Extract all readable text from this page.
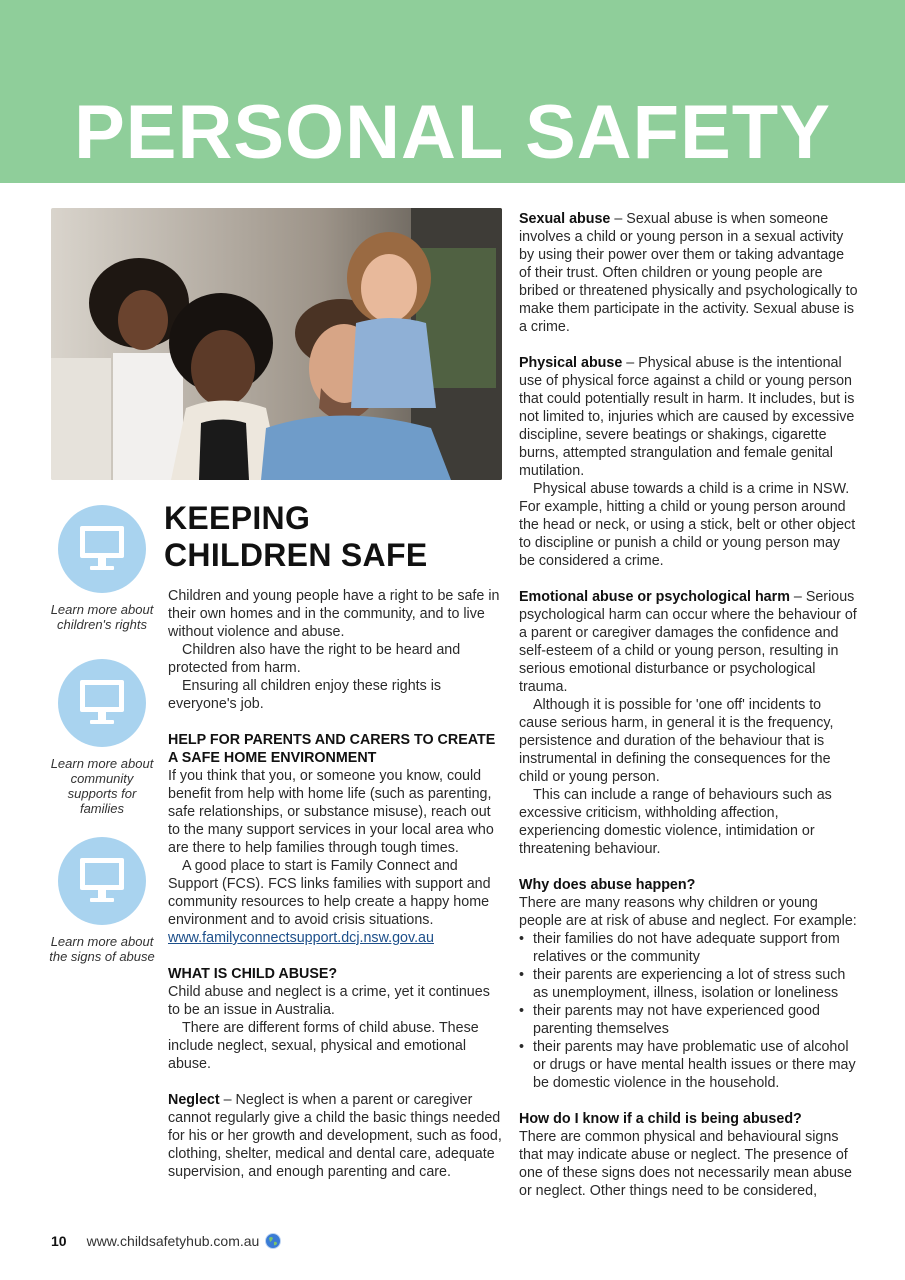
PERSONAL SAFETY
Learn more about children's rights
Learn more about community supports for families
Learn more about the signs of abuse
KEEPING
CHILDREN SAFE

Children and young people have a right to be safe in their own homes and in the community, and to live without violence and abuse.

Children also have the right to be heard and protected from harm.

Ensuring all children enjoy these rights is everyone's job.

HELP FOR PARENTS AND CARERS TO CREATE A SAFE HOME ENVIRONMENT

If you think that you, or someone you know, could benefit from help with home life (such as parenting, safe relationships, or substance misuse), reach out to the many support services in your local area who are there to help families through tough times.

A good place to start is Family Connect and Support (FCS). FCS links families with support and community resources to help create a happy home environment and to avoid crisis situations.

www.familyconnectsupport.dcj.nsw.gov.au

WHAT IS CHILD ABUSE?

Child abuse and neglect is a crime, yet it continues to be an issue in Australia.

There are different forms of child abuse. These include neglect, sexual, physical and emotional abuse.

Neglect – Neglect is when a parent or caregiver cannot regularly give a child the basic things needed for his or her growth and development, such as food, clothing, shelter, medical and dental care, adequate supervision, and enough parenting and care.

Sexual abuse – Sexual abuse is when someone involves a child or young person in a sexual activity by using their power over them or taking advantage of their trust. Often children or young people are bribed or threatened physically and psychologically to make them participate in the activity. Sexual abuse is a crime.

Physical abuse – Physical abuse is the intentional use of physical force against a child or young person that could potentially result in harm. It includes, but is not limited to, injuries which are caused by excessive discipline, severe beatings or shakings, cigarette burns, attempted strangulation and female genital mutilation.

Physical abuse towards a child is a crime in NSW. For example, hitting a child or young person around the head or neck, or using a stick, belt or other object to discipline or punish a child or young person may be considered a crime.

Emotional abuse or psychological harm – Serious psychological harm can occur where the behaviour of a parent or caregiver damages the confidence and self-esteem of a child or young person, resulting in serious emotional disturbance or psychological trauma.

Although it is possible for 'one off' incidents to cause serious harm, in general it is the frequency, persistence and duration of the behaviour that is instrumental in defining the consequences for the child or young person.

This can include a range of behaviours such as excessive criticism, withholding affection, experiencing domestic violence, intimidation or threatening behaviour.

Why does abuse happen?

There are many reasons why children or young people are at risk of abuse and neglect. For example:

• their families do not have adequate support from relatives or the community
• their parents are experiencing a lot of stress such as unemployment, illness, isolation or loneliness
• their parents may not have experienced good parenting themselves
• their parents may have problematic use of alcohol or drugs or have mental health issues or there may be domestic violence in the household.

How do I know if a child is being abused?

There are common physical and behavioural signs that may indicate abuse or neglect. The presence of one of these signs does not necessarily mean abuse or neglect. Other things need to be considered,

10 www.childsafetyhub.com.au
